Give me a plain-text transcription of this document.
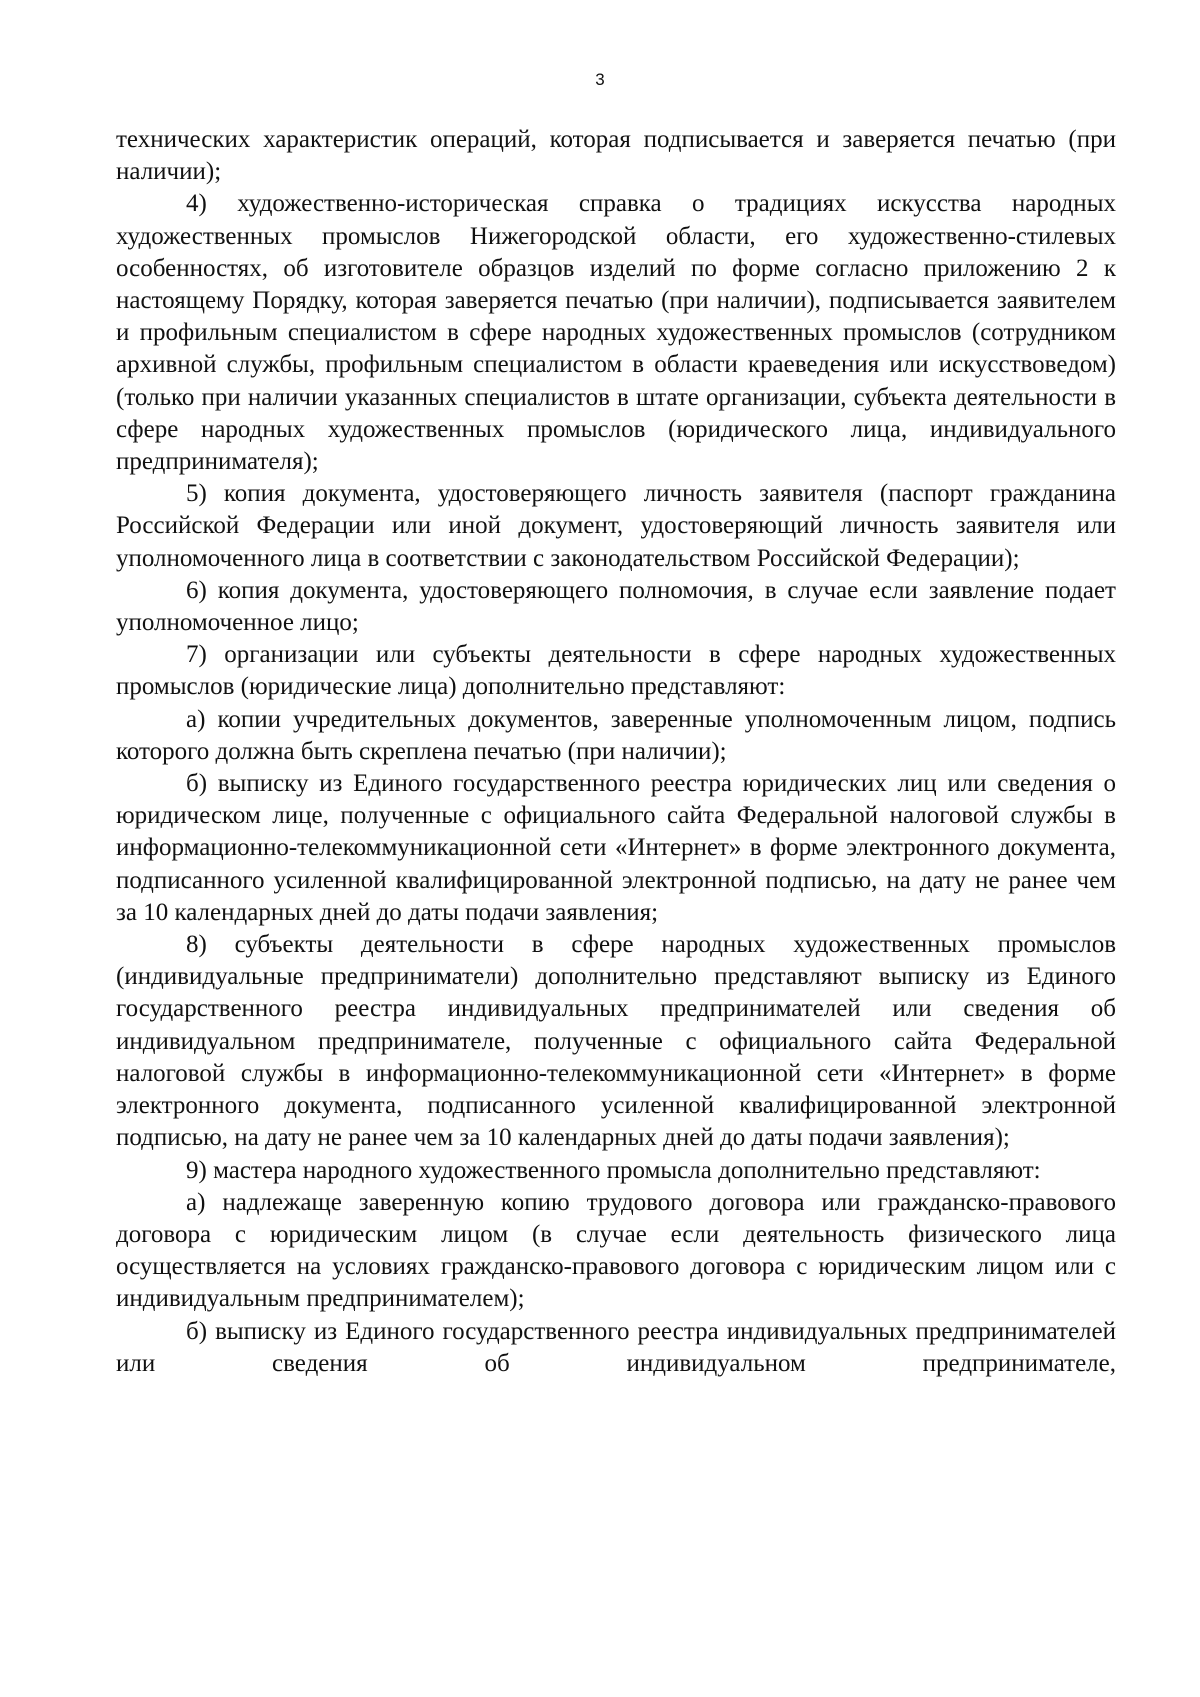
3

технических характеристик операций, которая подписывается и заверяется печатью (при наличии);

4) художественно-историческая справка о традициях искусства народных художественных промыслов Нижегородской области, его художественно-стилевых особенностях, об изготовителе образцов изделий по форме согласно приложению 2 к настоящему Порядку, которая заверяется печатью (при наличии), подписывается заявителем и профильным специалистом в сфере народных художественных промыслов (сотрудником архивной службы, профильным специалистом в области краеведения или искусствоведом) (только при наличии указанных специалистов в штате организации, субъекта деятельности в сфере народных художественных промыслов (юридического лица, индивидуального предпринимателя);

5) копия документа, удостоверяющего личность заявителя (паспорт гражданина Российской Федерации или иной документ, удостоверяющий личность заявителя или уполномоченного лица в соответствии с законодательством Российской Федерации);

6) копия документа, удостоверяющего полномочия, в случае если заявление подает уполномоченное лицо;

7) организации или субъекты деятельности в сфере народных художественных промыслов (юридические лица) дополнительно представляют:

а) копии учредительных документов, заверенные уполномоченным лицом, подпись которого должна быть скреплена печатью (при наличии);

б) выписку из Единого государственного реестра юридических лиц или сведения о юридическом лице, полученные с официального сайта Федеральной налоговой службы в информационно-телекоммуникационной сети «Интернет» в форме электронного документа, подписанного усиленной квалифицированной электронной подписью, на дату не ранее чем за 10 календарных дней до даты подачи заявления;

8) субъекты деятельности в сфере народных художественных промыслов (индивидуальные предприниматели) дополнительно представляют выписку из Единого государственного реестра индивидуальных предпринимателей или сведения об индивидуальном предпринимателе, полученные с официального сайта Федеральной налоговой службы в информационно-телекоммуникационной сети «Интернет» в форме электронного документа, подписанного усиленной квалифицированной электронной подписью, на дату не ранее чем за 10 календарных дней до даты подачи заявления);

9) мастера народного художественного промысла дополнительно представляют:

а) надлежаще заверенную копию трудового договора или гражданско-правового договора с юридическим лицом (в случае если деятельность физического лица осуществляется на условиях гражданско-правового договора с юридическим лицом или с индивидуальным предпринимателем);

б) выписку из Единого государственного реестра индивидуальных предпринимателей или сведения об индивидуальном предпринимателе,
